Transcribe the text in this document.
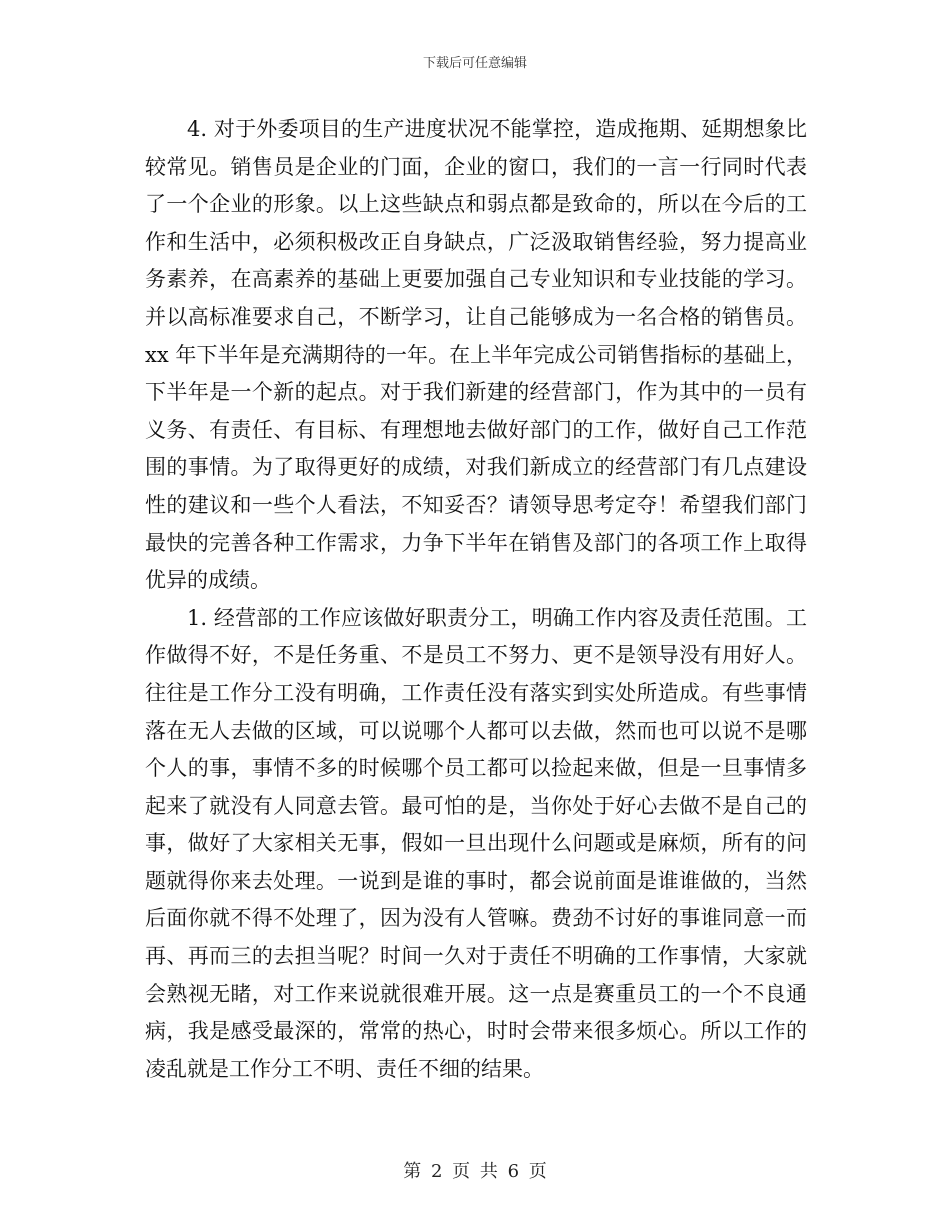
下载后可任意编辑

4. 对于外委项目的生产进度状况不能掌控，造成拖期、延期想象比较常见。销售员是企业的门面，企业的窗口，我们的一言一行同时代表了一个企业的形象。以上这些缺点和弱点都是致命的，所以在今后的工作和生活中，必须积极改正自身缺点，广泛汲取销售经验，努力提高业务素养，在高素养的基础上更要加强自己专业知识和专业技能的学习。并以高标准要求自己，不断学习，让自己能够成为一名合格的销售员。xx 年下半年是充满期待的一年。在上半年完成公司销售指标的基础上，下半年是一个新的起点。对于我们新建的经营部门，作为其中的一员有义务、有责任、有目标、有理想地去做好部门的工作，做好自己工作范围的事情。为了取得更好的成绩，对我们新成立的经营部门有几点建设性的建议和一些个人看法，不知妥否？请领导思考定夺！希望我们部门最快的完善各种工作需求，力争下半年在销售及部门的各项工作上取得优异的成绩。

1. 经营部的工作应该做好职责分工，明确工作内容及责任范围。工作做得不好，不是任务重、不是员工不努力、更不是领导没有用好人。往往是工作分工没有明确，工作责任没有落实到实处所造成。有些事情落在无人去做的区域，可以说哪个人都可以去做，然而也可以说不是哪个人的事，事情不多的时候哪个员工都可以捡起来做，但是一旦事情多起来了就没有人同意去管。最可怕的是，当你处于好心去做不是自己的事，做好了大家相关无事，假如一旦出现什么问题或是麻烦，所有的问题就得你来去处理。一说到是谁的事时，都会说前面是谁谁做的，当然后面你就不得不处理了，因为没有人管嘛。费劲不讨好的事谁同意一而再、再而三的去担当呢？时间一久对于责任不明确的工作事情，大家就会熟视无睹，对工作来说就很难开展。这一点是赛重员工的一个不良通病，我是感受最深的，常常的热心，时时会带来很多烦心。所以工作的凌乱就是工作分工不明、责任不细的结果。

第 2 页 共 6 页
